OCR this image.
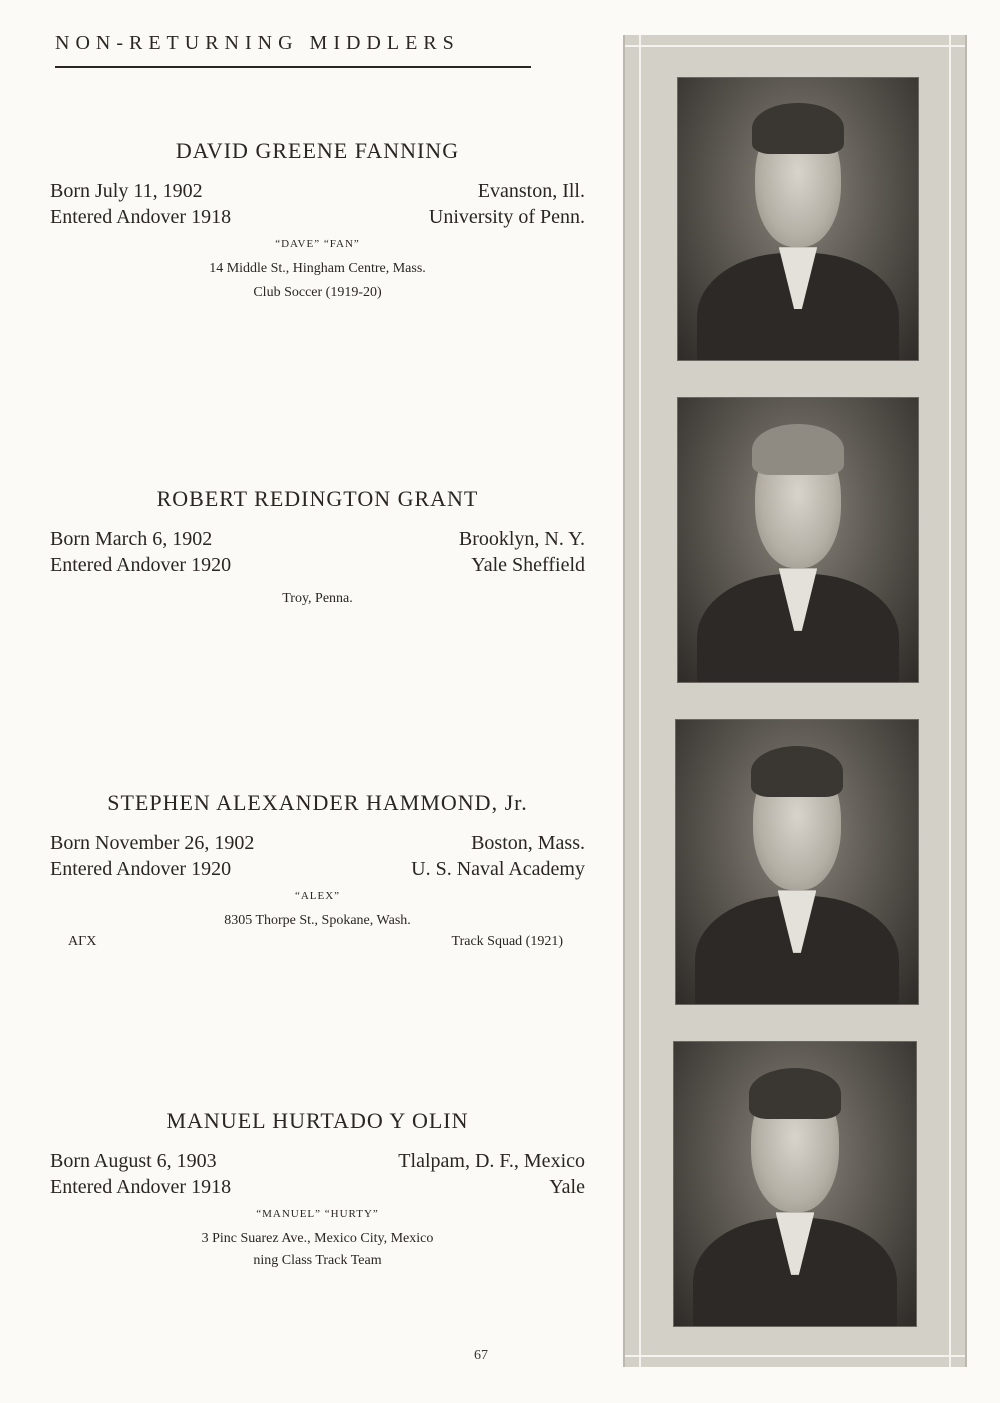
NON-RETURNING MIDDLERS
DAVID GREENE FANNING
Born July 11, 1902	Evanston, Ill.
Entered Andover 1918	University of Penn.
“DAVE” “FAN”
14 Middle St., Hingham Centre, Mass.
Club Soccer (1919-20)
ROBERT REDINGTON GRANT
Born March 6, 1902	Brooklyn, N. Y.
Entered Andover 1920	Yale Sheffield
Troy, Penna.
STEPHEN ALEXANDER HAMMOND, Jr.
Born November 26, 1902	Boston, Mass.
Entered Andover 1920	U. S. Naval Academy
“ALEX”
8305 Thorpe St., Spokane, Wash.
ΑΓΧ	Track Squad (1921)
MANUEL HURTADO Y OLIN
Born August 6, 1903	Tlalpam, D. F., Mexico
Entered Andover 1918	Yale
“MANUEL” “HURTY”
3 Pinc Suarez Ave., Mexico City, Mexico
ning Class Track Team
67
